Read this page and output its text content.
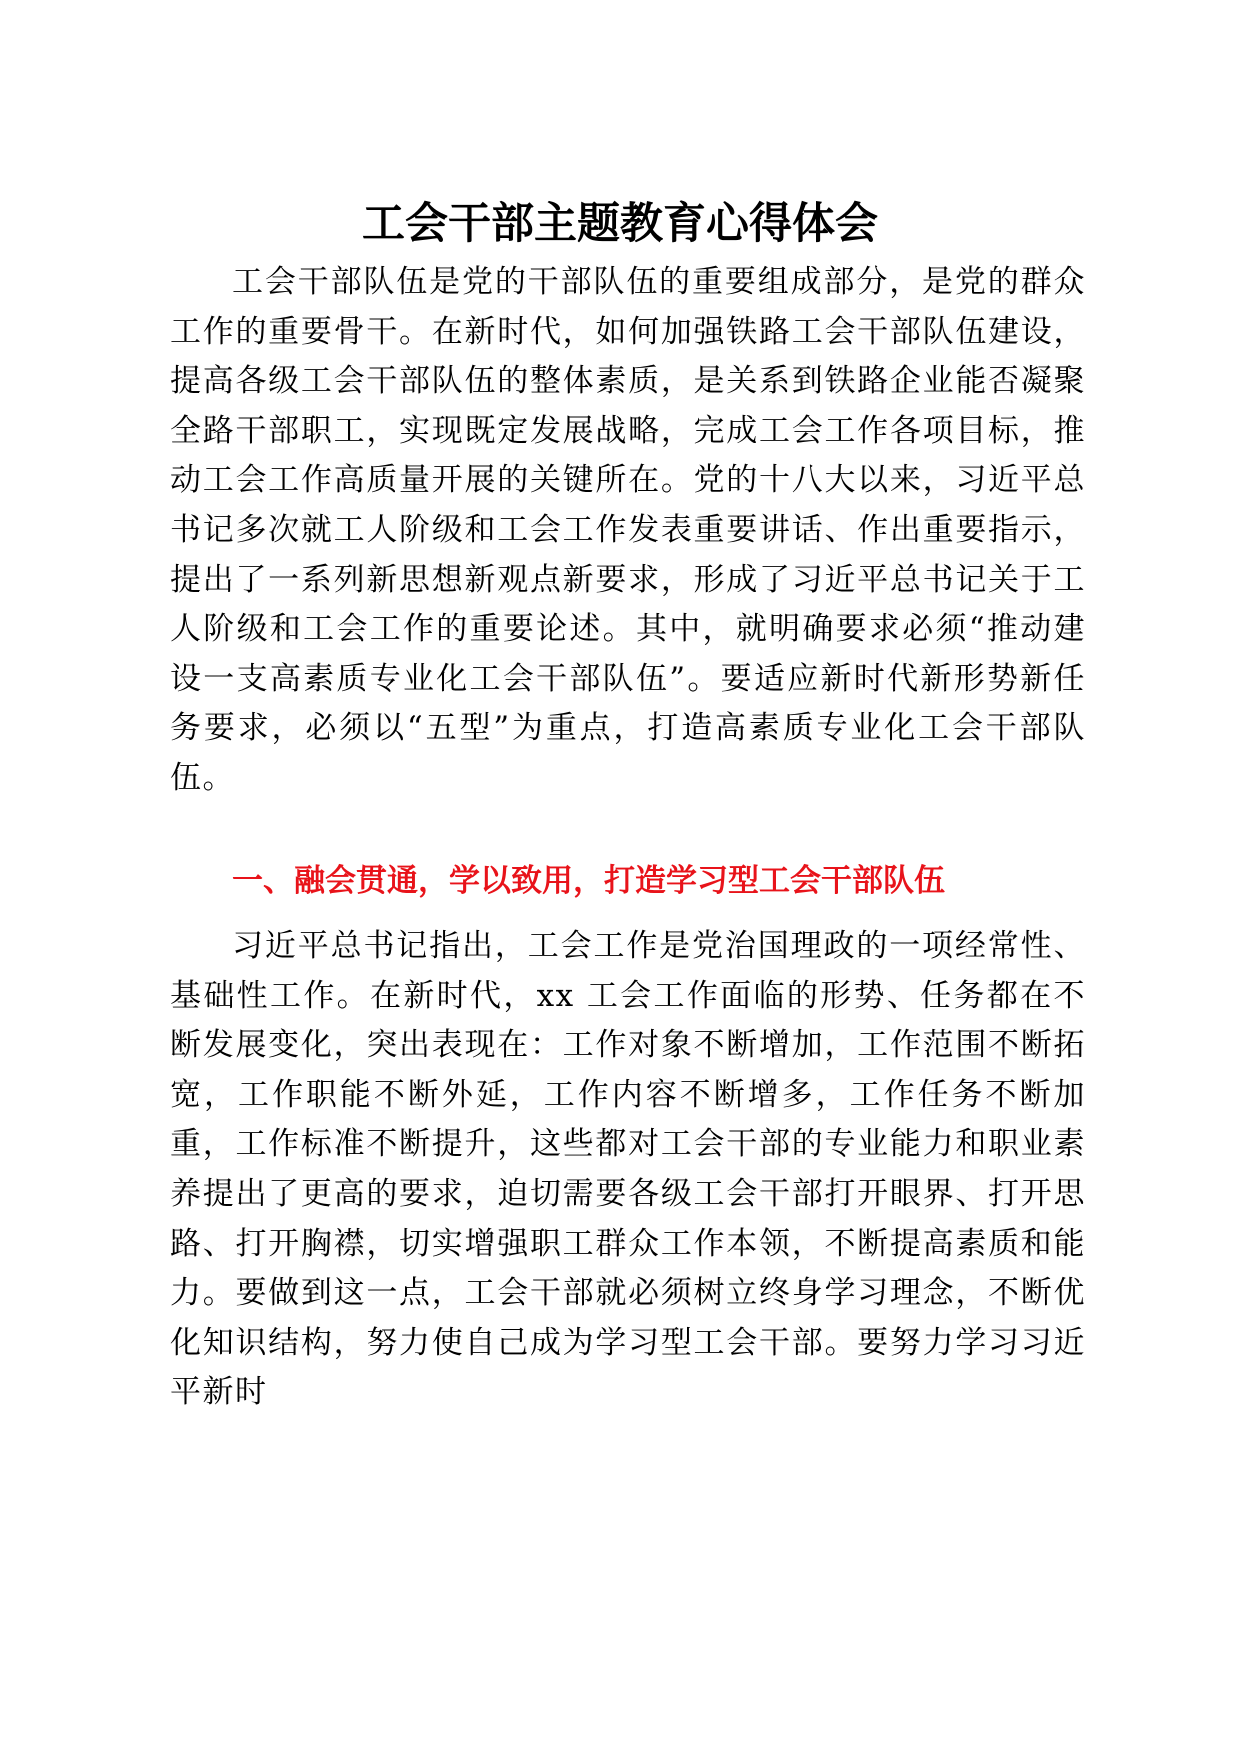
工会干部主题教育心得体会

工会干部队伍是党的干部队伍的重要组成部分，是党的群众工作的重要骨干。在新时代，如何加强铁路工会干部队伍建设，提高各级工会干部队伍的整体素质，是关系到铁路企业能否凝聚全路干部职工，实现既定发展战略，完成工会工作各项目标，推动工会工作高质量开展的关键所在。党的十八大以来，习近平总书记多次就工人阶级和工会工作发表重要讲话、作出重要指示，提出了一系列新思想新观点新要求，形成了习近平总书记关于工人阶级和工会工作的重要论述。其中，就明确要求必须“推动建设一支高素质专业化工会干部队伍”。要适应新时代新形势新任务要求，必须以“五型”为重点，打造高素质专业化工会干部队伍。

一、融会贯通，学以致用，打造学习型工会干部队伍

习近平总书记指出，工会工作是党治国理政的一项经常性、基础性工作。在新时代，xx 工会工作面临的形势、任务都在不断发展变化，突出表现在：工作对象不断增加，工作范围不断拓宽，工作职能不断外延，工作内容不断增多，工作任务不断加重，工作标准不断提升，这些都对工会干部的专业能力和职业素养提出了更高的要求，迫切需要各级工会干部打开眼界、打开思路、打开胸襟，切实增强职工群众工作本领，不断提高素质和能力。要做到这一点，工会干部就必须树立终身学习理念，不断优化知识结构，努力使自己成为学习型工会干部。要努力学习习近平新时
